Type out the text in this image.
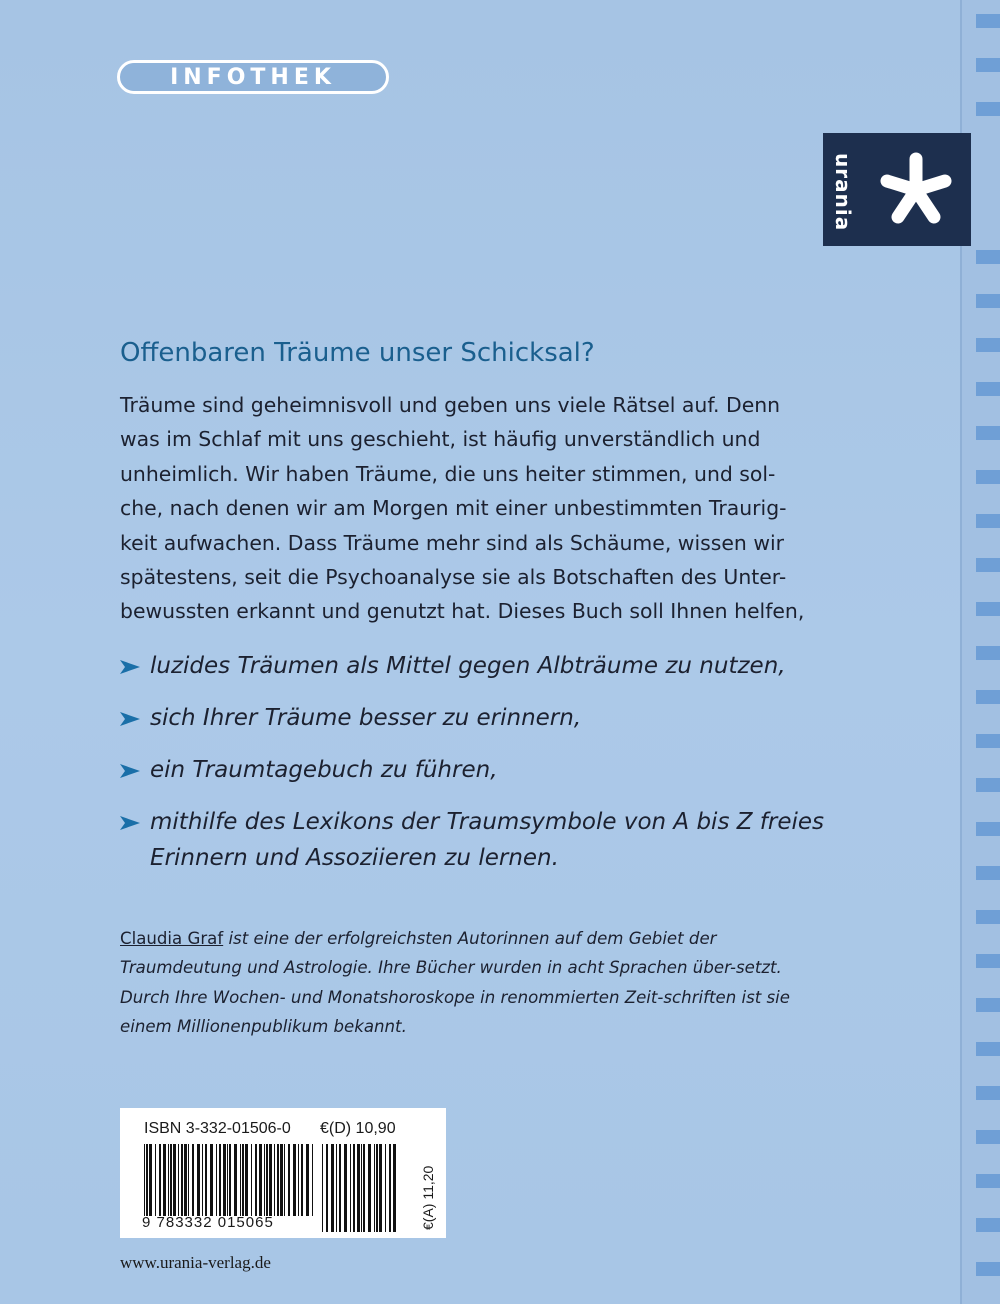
INFOTHEK
urania
Offenbaren Träume unser Schicksal?
Träume sind geheimnisvoll und geben uns viele Rätsel auf. Denn
was im Schlaf mit uns geschieht, ist häufig unverständlich und
unheimlich. Wir haben Träume, die uns heiter stimmen, und sol-
che, nach denen wir am Morgen mit einer unbestimmten Traurig-
keit aufwachen. Dass Träume mehr sind als Schäume, wissen wir
spätestens, seit die Psychoanalyse sie als Botschaften des Unter-
bewussten erkannt und genutzt hat. Dieses Buch soll Ihnen helfen,
luzides Träumen als Mittel gegen Albträume zu nutzen,
sich Ihrer Träume besser zu erinnern,
ein Traumtagebuch zu führen,
mithilfe des Lexikons der Traumsymbole von A bis Z freies Erinnern und Assoziieren zu lernen.

Claudia Graf ist eine der erfolgreichsten Autorinnen auf dem Gebiet der Traumdeutung und Astrologie. Ihre Bücher wurden in acht Sprachen über-setzt. Durch Ihre Wochen- und Monatshoroskope in renommierten Zeit-schriften ist sie einem Millionenpublikum bekannt.

ISBN 3-332-01506-0 €(D) 10,90
9 783332 015065	€(A) 11,20
www.urania-verlag.de
